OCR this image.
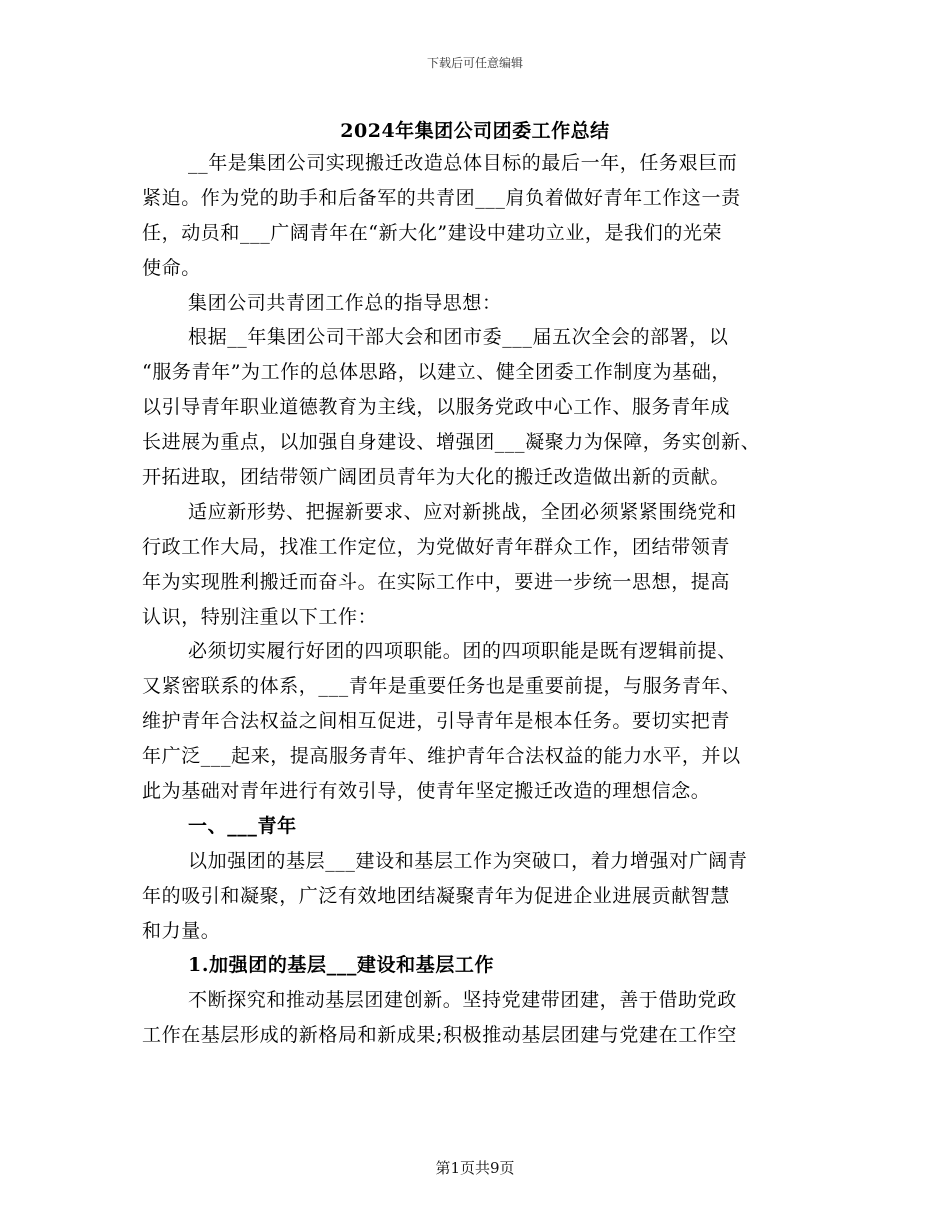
下载后可任意编辑
2024年集团公司团委工作总结
__年是集团公司实现搬迁改造总体目标的最后一年，任务艰巨而
紧迫。作为党的助手和后备军的共青团___肩负着做好青年工作这一责
任，动员和___广阔青年在“新大化”建设中建功立业，是我们的光荣
使命。
集团公司共青团工作总的指导思想：
根据__年集团公司干部大会和团市委___届五次全会的部署，以
“服务青年”为工作的总体思路，以建立、健全团委工作制度为基础，
以引导青年职业道德教育为主线，以服务党政中心工作、服务青年成
长进展为重点，以加强自身建设、增强团___凝聚力为保障，务实创新、
开拓进取，团结带领广阔团员青年为大化的搬迁改造做出新的贡献。
适应新形势、把握新要求、应对新挑战，全团必须紧紧围绕党和
行政工作大局，找准工作定位，为党做好青年群众工作，团结带领青
年为实现胜利搬迁而奋斗。在实际工作中，要进一步统一思想，提高
认识，特别注重以下工作：
必须切实履行好团的四项职能。团的四项职能是既有逻辑前提、
又紧密联系的体系，___青年是重要任务也是重要前提，与服务青年、
维护青年合法权益之间相互促进，引导青年是根本任务。要切实把青
年广泛___起来，提高服务青年、维护青年合法权益的能力水平，并以
此为基础对青年进行有效引导，使青年坚定搬迁改造的理想信念。
一、___青年
以加强团的基层___建设和基层工作为突破口，着力增强对广阔青
年的吸引和凝聚，广泛有效地团结凝聚青年为促进企业进展贡献智慧
和力量。
1.加强团的基层___建设和基层工作
不断探究和推动基层团建创新。坚持党建带团建，善于借助党政
工作在基层形成的新格局和新成果;积极推动基层团建与党建在工作空
第1页共9页
